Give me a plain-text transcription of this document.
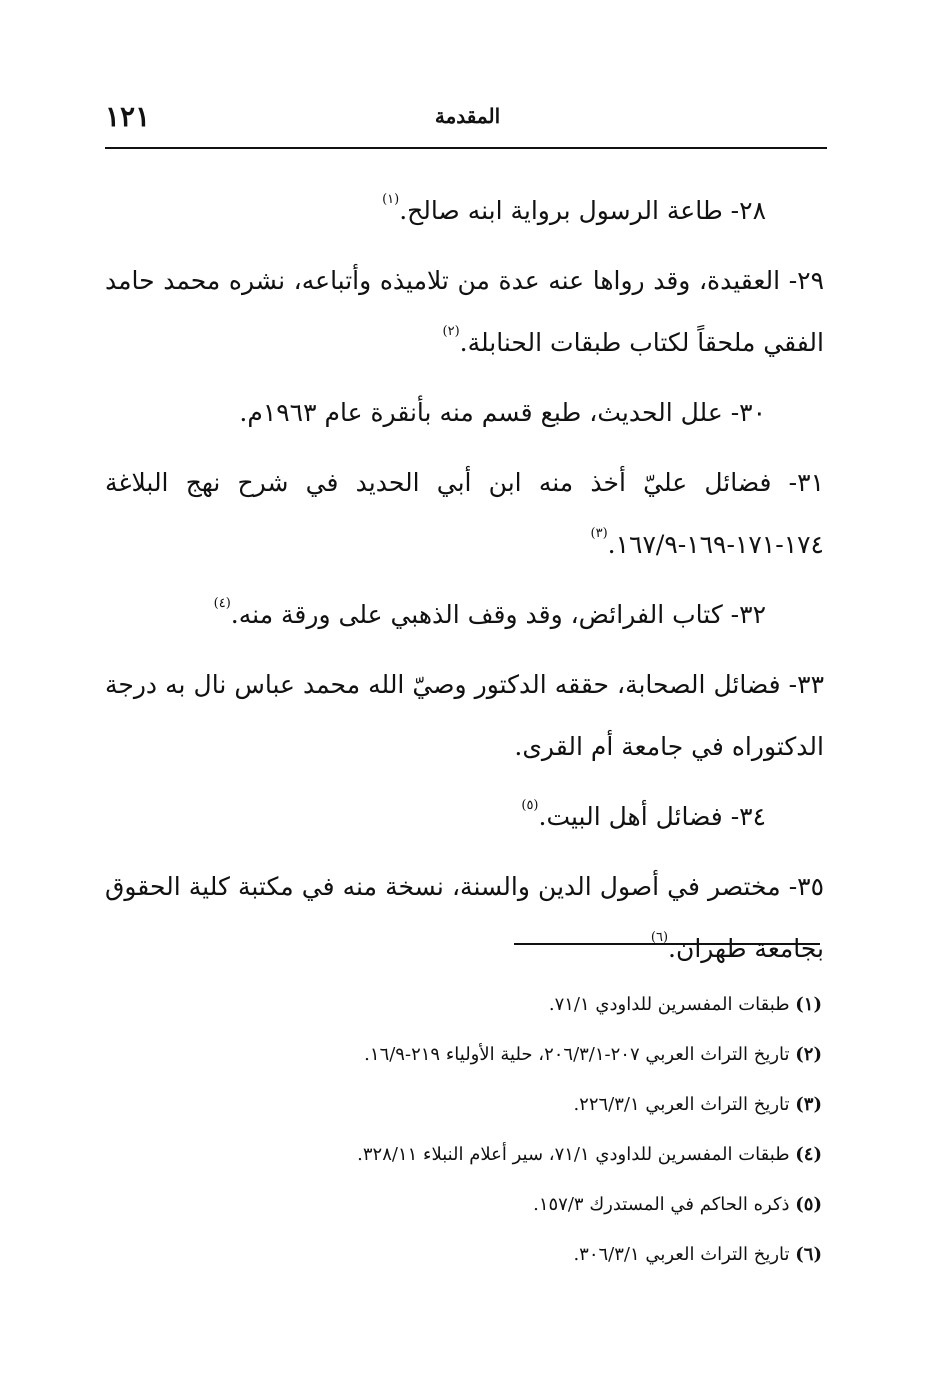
المقدمة
١٢١

٢٨- طاعة الرسول برواية ابنه صالح.$^{(١)}$

٢٩- العقيدة، وقد رواها عنه عدة من تلاميذه وأتباعه، نشره محمد حامد الفقي ملحقاً لكتاب طبقات الحنابلة.$^{(٢)}$

٣٠- علل الحديث، طبع قسم منه بأنقرة عام ١٩٦٣م.

٣١- فضائل عليّ أخذ منه ابن أبي الحديد في شرح نهج البلاغة ١٧٤-١٧١-١٦٩-١٦٧/٩.$^{(٣)}$

٣٢- كتاب الفرائض، وقد وقف الذهبي على ورقة منه.$^{(٤)}$

٣٣- فضائل الصحابة، حققه الدكتور وصيّ الله محمد عباس نال به درجة الدكتوراه في جامعة أم القرى.

٣٤- فضائل أهل البيت.$^{(٥)}$

٣٥- مختصر في أصول الدين والسنة، نسخة منه في مكتبة كلية الحقوق بجامعة طهران.$^{(٦)}$

(١) طبقات المفسرين للداودي ٧١/١.
(٢) تاريخ التراث العربي ٢٠٧-٢٠٦/٣/١، حلية الأولياء ٢١٩-١٦/٩.
(٣) تاريخ التراث العربي ٢٢٦/٣/١.
(٤) طبقات المفسرين للداودي ٧١/١، سير أعلام النبلاء ٣٢٨/١١.
(٥) ذكره الحاكم في المستدرك ١٥٧/٣.
(٦) تاريخ التراث العربي ٣٠٦/٣/١.
